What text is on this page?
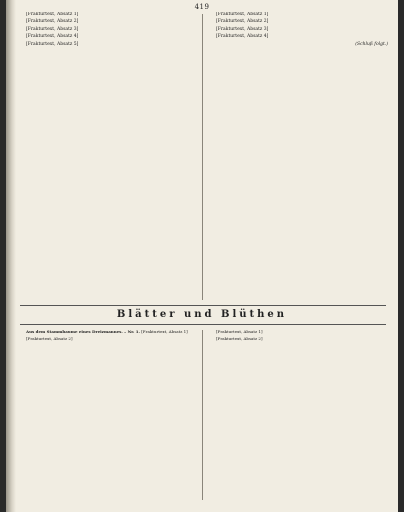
419

[Frakturtext, Absatz 1]

[Frakturtext, Absatz 2]

[Frakturtext, Absatz 3]

[Frakturtext, Absatz 4]

[Frakturtext, Absatz 5]

[Frakturtext, Absatz 1]

[Frakturtext, Absatz 2]

[Frakturtext, Absatz 3]

[Frakturtext, Absatz 4]

(Schluß folgt.)
Blätter und Blüthen

Aus dem Stammbaume eines Dreizmannes. – Nr. 1. [Frakturtext, Absatz 1]

[Frakturtext, Absatz 2]

[Frakturtext, Absatz 1]

[Frakturtext, Absatz 2]
